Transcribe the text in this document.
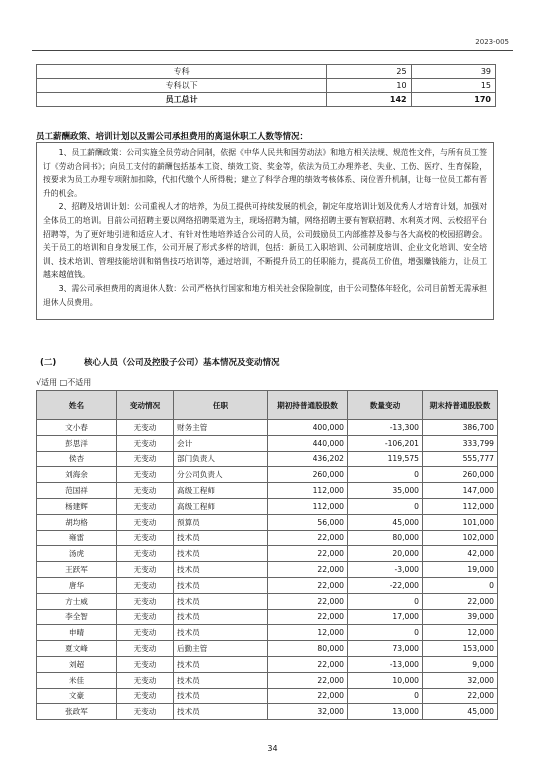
2023-005
专科	25	39
专科以下	10	15
员工总计	142	170
员工薪酬政策、培训计划以及需公司承担费用的离退休职工人数等情况：

1、员工薪酬政策：公司实施全员劳动合同制，依据《中华人民共和国劳动法》和地方相关法规、规范性文件，与所有员工签订《劳动合同书》；向员工支付的薪酬包括基本工资、绩效工资、奖金等，依法为员工办理养老、失业、工伤、医疗、生育保险，按要求为员工办理专项附加扣除，代扣代缴个人所得税；建立了科学合理的绩效考核体系、岗位晋升机制，让每一位员工都有晋升的机会。

2、招聘及培训计划：公司重视人才的培养，为员工提供可持续发展的机会，制定年度培训计划及优秀人才培育计划，加强对全体员工的培训。目前公司招聘主要以网络招聘渠道为主，现场招聘为辅，网络招聘主要有智联招聘、水利英才网、云校招平台招聘等，为了更好地引进和适应人才、有针对性地培养适合公司的人员，公司鼓励员工内部推荐及参与各大高校的校园招聘会。关于员工的培训和自身发展工作，公司开展了形式多样的培训，包括：新员工入职培训、公司制度培训、企业文化培训、安全培训、技术培训、管理技能培训和销售技巧培训等，通过培训，不断提升员工的任职能力，提高员工价值，增强赚钱能力，让员工越来越值钱。

3、需公司承担费用的离退休人数：公司严格执行国家和地方相关社会保险制度，由于公司整体年轻化，公司目前暂无需承担退休人员费用。

(二)	核心人员（公司及控股子公司）基本情况及变动情况
√适用 □不适用
姓名	变动情况	任职	期初持普通股股数	数量变动	期末持普通股股数
文小春	无变动	财务主管	400,000	-13,300	386,700
彭思洋	无变动	会计	440,000	-106,201	333,799
侯杏	无变动	部门负责人	436,202	119,575	555,777
刘海余	无变动	分公司负责人	260,000	0	260,000
范国祥	无变动	高级工程师	112,000	35,000	147,000
杨建辉	无变动	高级工程师	112,000	0	112,000
胡均格	无变动	预算员	56,000	45,000	101,000
雍雷	无变动	技术员	22,000	80,000	102,000
汤虎	无变动	技术员	22,000	20,000	42,000
王跃军	无变动	技术员	22,000	-3,000	19,000
唐华	无变动	技术员	22,000	-22,000	0
方士威	无变动	技术员	22,000	0	22,000
李全智	无变动	技术员	22,000	17,000	39,000
申晴	无变动	技术员	12,000	0	12,000
夏文峰	无变动	后勤主管	80,000	73,000	153,000
刘超	无变动	技术员	22,000	-13,000	9,000
米佳	无变动	技术员	22,000	10,000	32,000
文豪	无变动	技术员	22,000	0	22,000
张政军	无变动	技术员	32,000	13,000	45,000
34
